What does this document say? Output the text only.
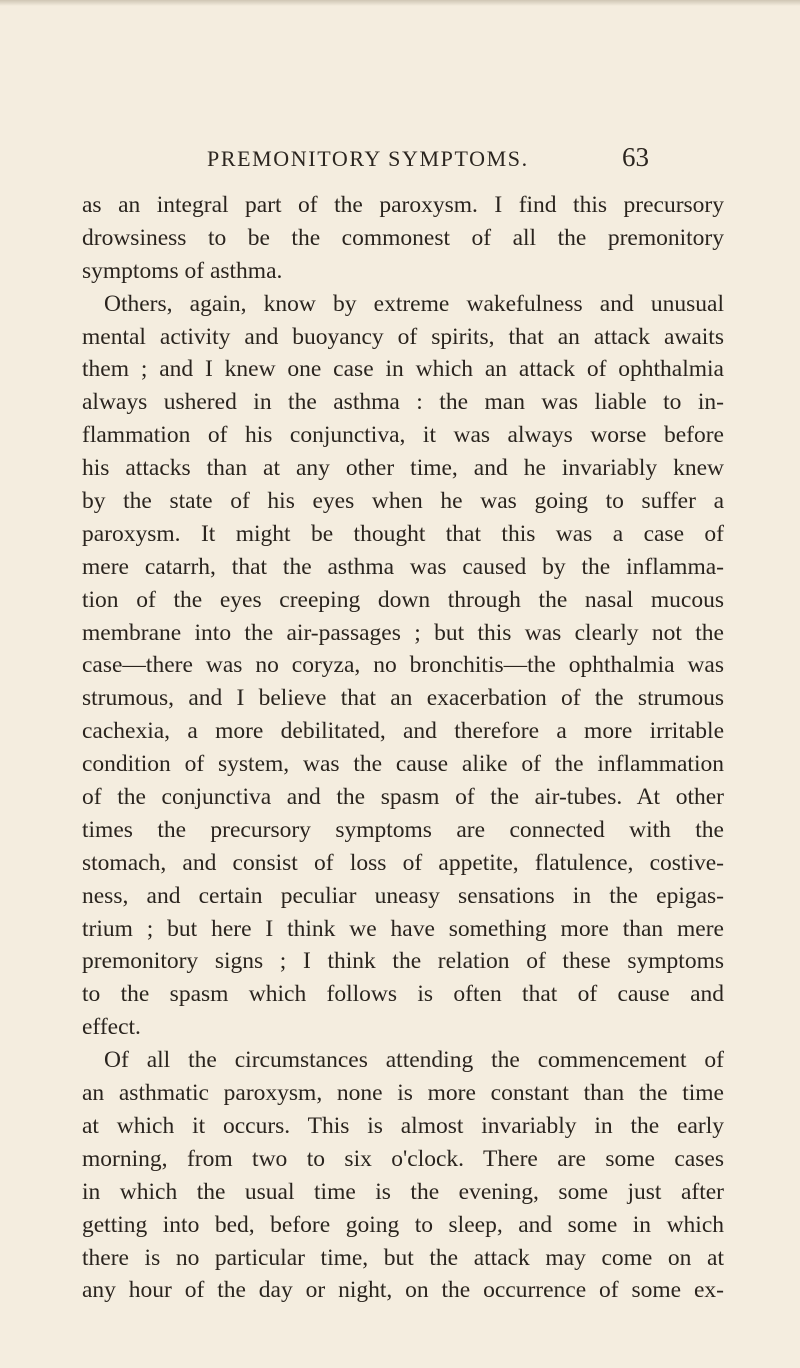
PREMONITORY SYMPTOMS.	63
as an integral part of the paroxysm. I find this precursory
drowsiness to be the commonest of all the premonitory
symptoms of asthma.
Others, again, know by extreme wakefulness and unusual
mental activity and buoyancy of spirits, that an attack awaits
them ; and I knew one case in which an attack of ophthalmia
always ushered in the asthma : the man was liable to in-
flammation of his conjunctiva, it was always worse before
his attacks than at any other time, and he invariably knew
by the state of his eyes when he was going to suffer a
paroxysm. It might be thought that this was a case of
mere catarrh, that the asthma was caused by the inflamma-
tion of the eyes creeping down through the nasal mucous
membrane into the air-passages ; but this was clearly not the
case—there was no coryza, no bronchitis—the ophthalmia was
strumous, and I believe that an exacerbation of the strumous
cachexia, a more debilitated, and therefore a more irritable
condition of system, was the cause alike of the inflammation
of the conjunctiva and the spasm of the air-tubes. At other
times the precursory symptoms are connected with the
stomach, and consist of loss of appetite, flatulence, costive-
ness, and certain peculiar uneasy sensations in the epigas-
trium ; but here I think we have something more than mere
premonitory signs ; I think the relation of these symptoms
to the spasm which follows is often that of cause and
effect.
Of all the circumstances attending the commencement of
an asthmatic paroxysm, none is more constant than the time
at which it occurs. This is almost invariably in the early
morning, from two to six o'clock. There are some cases
in which the usual time is the evening, some just after
getting into bed, before going to sleep, and some in which
there is no particular time, but the attack may come on at
any hour of the day or night, on the occurrence of some ex-
